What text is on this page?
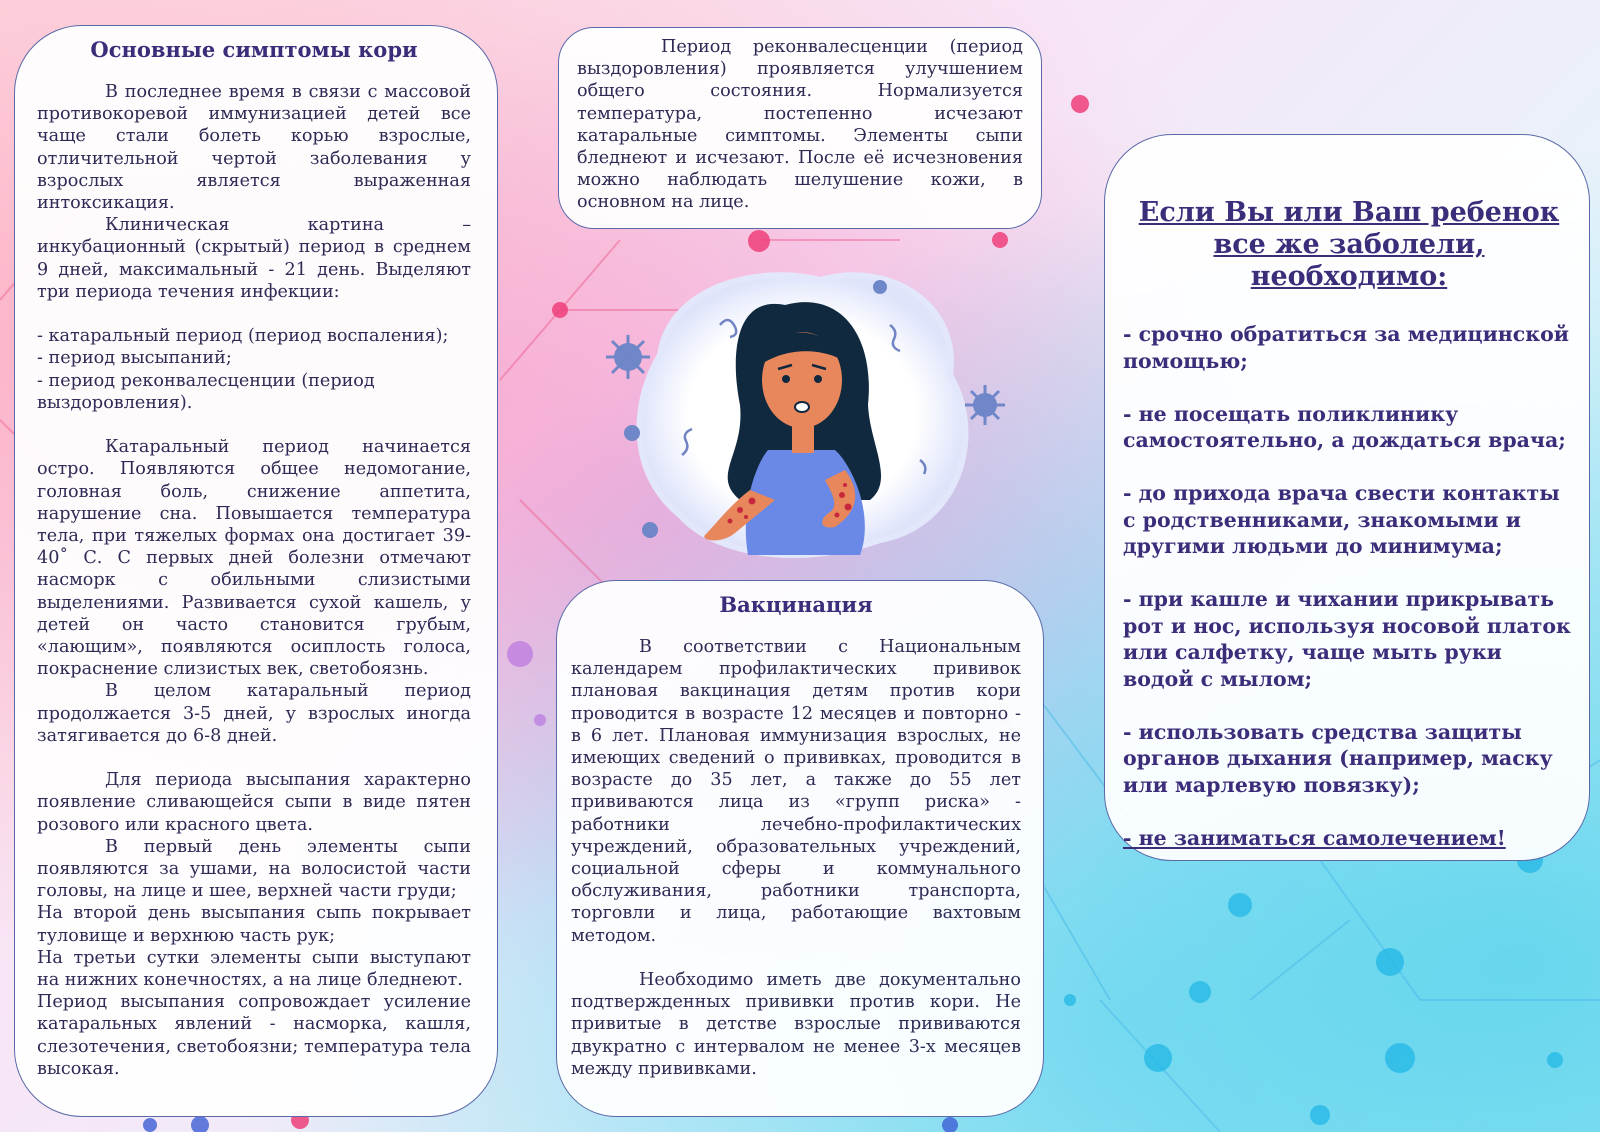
Основные симптомы кори

В последнее время в связи с массовой противокоревой иммунизацией детей все чаще стали болеть корью взрослые, отличительной чертой заболевания у взрослых является выраженная интоксикация.

Клиническая картина – инкубационный (скрытый) период в среднем 9 дней, максимальный - 21 день. Выделяют три периода течения инфекции:

- катаральный период (период воспаления);

- период высыпаний;

- период реконвалесценции (период выздоровления).

Катаральный период начинается остро. Появляются общее недомогание, головная боль, снижение аппетита, нарушение сна. Повышается температура тела, при тяжелых формах она достигает 39-40˚ С. С первых дней болезни отмечают насморк с обильными слизистыми выделениями. Развивается сухой кашель, у детей он часто становится грубым, «лающим», появляются осиплость голоса, покраснение слизистых век, светобоязнь.

В целом катаральный период продолжается 3-5 дней, у взрослых иногда затягивается до 6-8 дней.

Для периода высыпания характерно появление сливающейся сыпи в виде пятен розового или красного цвета.

В первый день элементы сыпи появляются за ушами, на волосистой части головы, на лице и шее, верхней части груди;

На второй день высыпания сыпь покрывает туловище и верхнюю часть рук;

На третьи сутки элементы сыпи выступают на нижних конечностях, а на лице бледнеют.

Период высыпания сопровождает усиление катаральных явлений - насморка, кашля, слезотечения, светобоязни; температура тела высокая.

Период реконвалесценции (период выздоровления) проявляется улучшением общего состояния. Нормализуется температура, постепенно исчезают катаральные симптомы. Элементы сыпи бледнеют и исчезают. После её исчезновения можно наблюдать шелушение кожи, в основном на лице.

Вакцинация

В соответствии с Национальным календарем профилактических прививок плановая вакцинация детям против кори проводится в возрасте 12 месяцев и повторно - в 6 лет. Плановая иммунизация взрослых, не имеющих сведений о прививках, проводится в возрасте до 35 лет, а также до 55 лет прививаются лица из «групп риска» - работники лечебно-профилактических учреждений, образовательных учреждений, социальной сферы и коммунального обслуживания, работники транспорта, торговли и лица, работающие вахтовым методом.

Необходимо иметь две документально подтвержденных прививки против кори. Не привитые в детстве взрослые прививаются двукратно с интервалом не менее 3-х месяцев между прививками.

Если Вы или Ваш ребенок все же заболели, необходимо:

- срочно обратиться за медицинской помощью;

- не посещать поликлинику самостоятельно, а дождаться врача;

- до прихода врача свести контакты с родственниками, знакомыми и другими людьми до минимума;

- при кашле и чихании прикрывать рот и нос, используя носовой платок или салфетку, чаще мыть руки водой с мылом;

- использовать средства защиты органов дыхания (например, маску или марлевую повязку);

- не заниматься самолечением!
